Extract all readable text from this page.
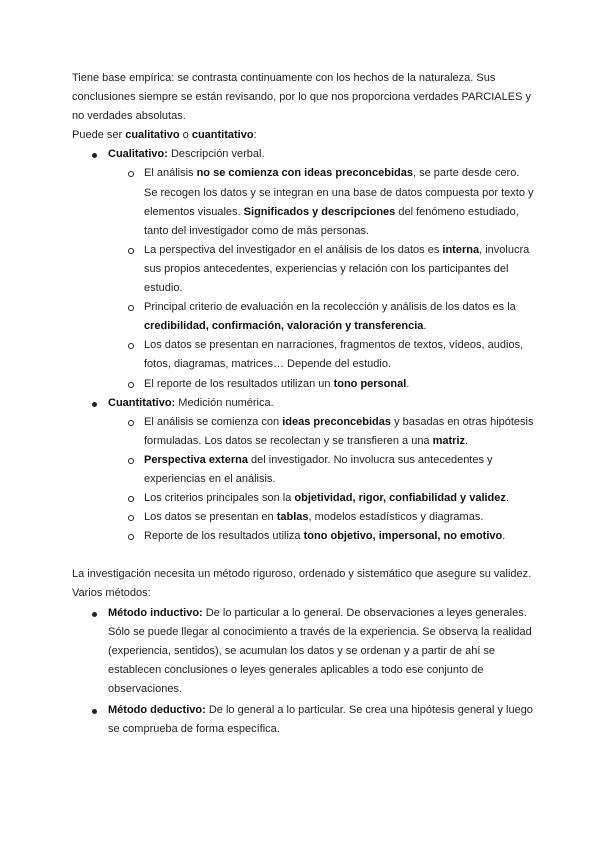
Tiene base empírica: se contrasta continuamente con los hechos de la naturaleza. Sus conclusiones siempre se están revisando, por lo que nos proporciona verdades PARCIALES y no verdades absolutas.

Puede ser cualitativo o cuantitativo:

Cualitativo: Descripción verbal.
El análisis no se comienza con ideas preconcebidas, se parte desde cero. Se recogen los datos y se integran en una base de datos compuesta por texto y elementos visuales. Significados y descripciones del fenómeno estudiado, tanto del investigador como de más personas.
La perspectiva del investigador en el análisis de los datos es interna, involucra sus propios antecedentes, experiencias y relación con los participantes del estudio.
Principal criterio de evaluación en la recolección y análisis de los datos es la credibilidad, confirmación, valoración y transferencia.
Los datos se presentan en narraciones, fragmentos de textos, vídeos, audios, fotos, diagramas, matrices… Depende del estudio.
El reporte de los resultados utilizan un tono personal.
Cuantitativo: Medición numérica.
El análisis se comienza con ideas preconcebidas y basadas en otras hipótesis formuladas. Los datos se recolectan y se transfieren a una matriz.
Perspectiva externa del investigador. No involucra sus antecedentes y experiencias en el análisis.
Los criterios principales son la objetividad, rigor, confiabilidad y validez.
Los datos se presentan en tablas, modelos estadísticos y diagramas.
Reporte de los resultados utiliza tono objetivo, impersonal, no emotivo.

La investigación necesita un método riguroso, ordenado y sistemático que asegure su validez. Varios métodos:

Método inductivo: De lo particular a lo general. De observaciones a leyes generales.

Sólo se puede llegar al conocimiento a través de la experiencia. Se observa la realidad (experiencia, sentidos), se acumulan los datos y se ordenan y a partir de ahí se establecen conclusiones o leyes generales aplicables a todo ese conjunto de observaciones.

Método deductivo: De lo general a lo particular. Se crea una hipótesis general y luego se comprueba de forma específica.
